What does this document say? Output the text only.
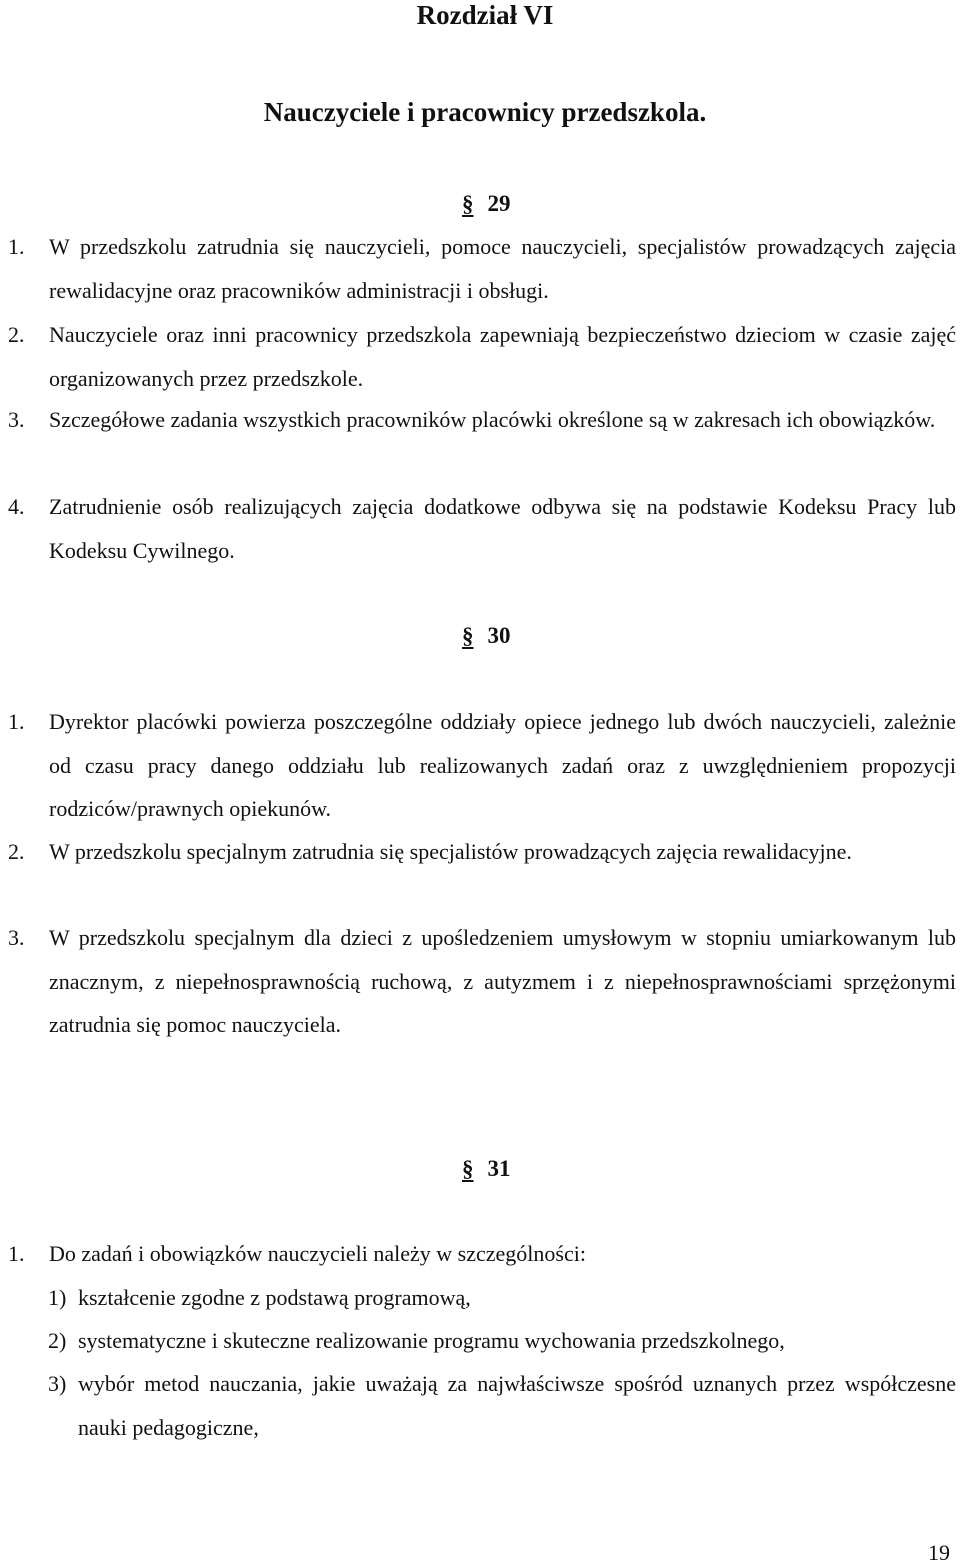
Rozdział VI
Nauczyciele i pracownicy przedszkola.
§ 29
1. W przedszkolu zatrudnia się nauczycieli, pomoce nauczycieli, specjalistów prowadzących zajęcia rewalidacyjne oraz pracowników administracji i obsługi.
2. Nauczyciele oraz inni pracownicy przedszkola zapewniają bezpieczeństwo dzieciom w czasie zajęć organizowanych przez przedszkole.
3. Szczegółowe zadania wszystkich pracowników placówki określone są w zakresach ich obowiązków.
4. Zatrudnienie osób realizujących zajęcia dodatkowe odbywa się na podstawie Kodeksu Pracy lub Kodeksu Cywilnego.
§ 30
1. Dyrektor placówki powierza poszczególne oddziały opiece jednego lub dwóch nauczycieli, zależnie od czasu pracy danego oddziału lub realizowanych zadań oraz z uwzględnieniem propozycji rodziców/prawnych opiekunów.
2. W przedszkolu specjalnym zatrudnia się specjalistów prowadzących zajęcia rewalidacyjne.
3. W przedszkolu specjalnym dla dzieci z upośledzeniem umysłowym w stopniu umiarkowanym lub znacznym, z niepełnosprawnością ruchową, z autyzmem i z niepełnosprawnościami sprzężonymi zatrudnia się pomoc nauczyciela.
§ 31
1. Do zadań i obowiązków nauczycieli należy w szczególności:
1) kształcenie zgodne z podstawą programową,
2) systematyczne i skuteczne realizowanie programu wychowania przedszkolnego,
3) wybór metod nauczania, jakie uważają za najwłaściwsze spośród uznanych przez współczesne nauki pedagogiczne,
19
